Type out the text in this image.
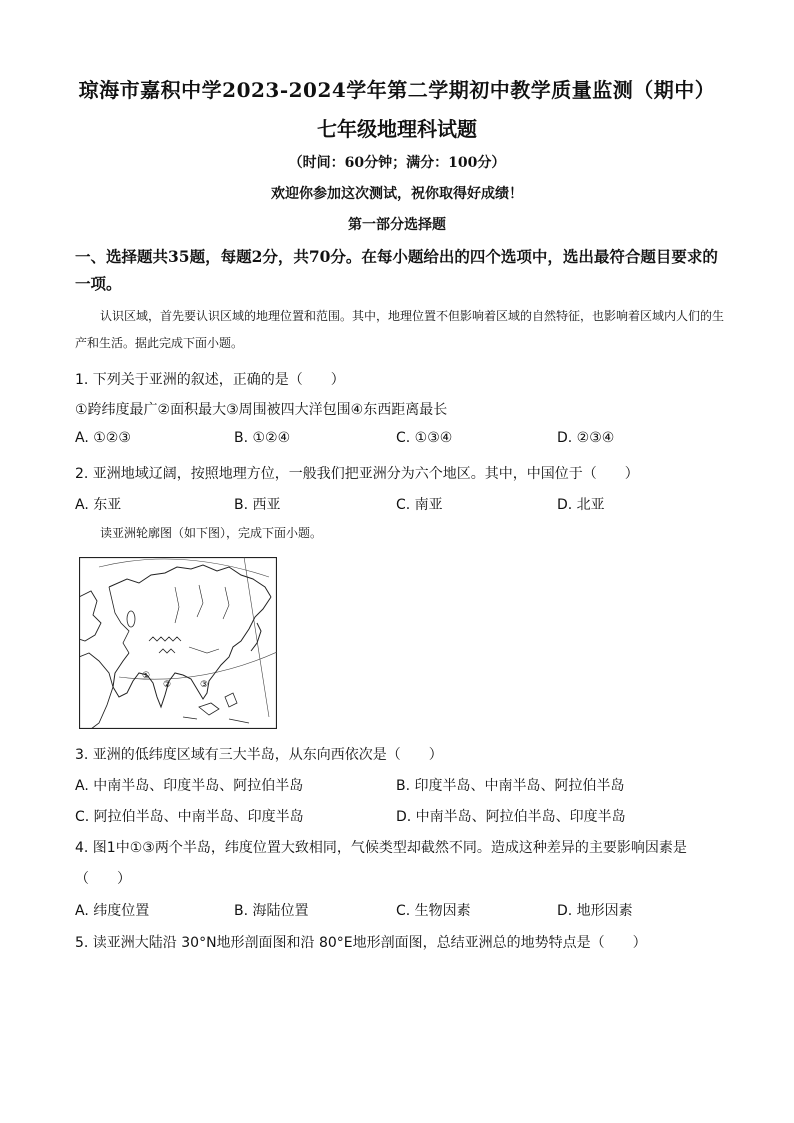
琼海市嘉积中学2023-2024学年第二学期初中教学质量监测（期中）
七年级地理科试题
（时间：60分钟；满分：100分）
欢迎你参加这次测试，祝你取得好成绩！
第一部分选择题
一、选择题共35题，每题2分，共70分。在每小题给出的四个选项中，选出最符合题目要求的一项。
认识区域，首先要认识区域的地理位置和范围。其中，地理位置不但影响着区域的自然特征，也影响着区域内人们的生产和生活。据此完成下面小题。
1. 下列关于亚洲的叙述，正确的是（　　）
①跨纬度最广②面积最大③周围被四大洋包围④东西距离最长
A. ①②③	B. ①②④	C. ①③④	D. ②③④
2. 亚洲地域辽阔，按照地理方位，一般我们把亚洲分为六个地区。其中，中国位于（　　）
A. 东亚	B. 西亚	C. 南亚	D. 北亚
读亚洲轮廓图（如下图），完成下面小题。
①
②	③
3. 亚洲的低纬度区域有三大半岛，从东向西依次是（　　）
A. 中南半岛、印度半岛、阿拉伯半岛	B. 印度半岛、中南半岛、阿拉伯半岛
C. 阿拉伯半岛、中南半岛、印度半岛	D. 中南半岛、阿拉伯半岛、印度半岛
4. 图1中①③两个半岛，纬度位置大致相同，气候类型却截然不同。造成这种差异的主要影响因素是
（　　）
A. 纬度位置	B. 海陆位置	C. 生物因素	D. 地形因素
5. 读亚洲大陆沿 30°N地形剖面图和沿 80°E地形剖面图，总结亚洲总的地势特点是（　　）
